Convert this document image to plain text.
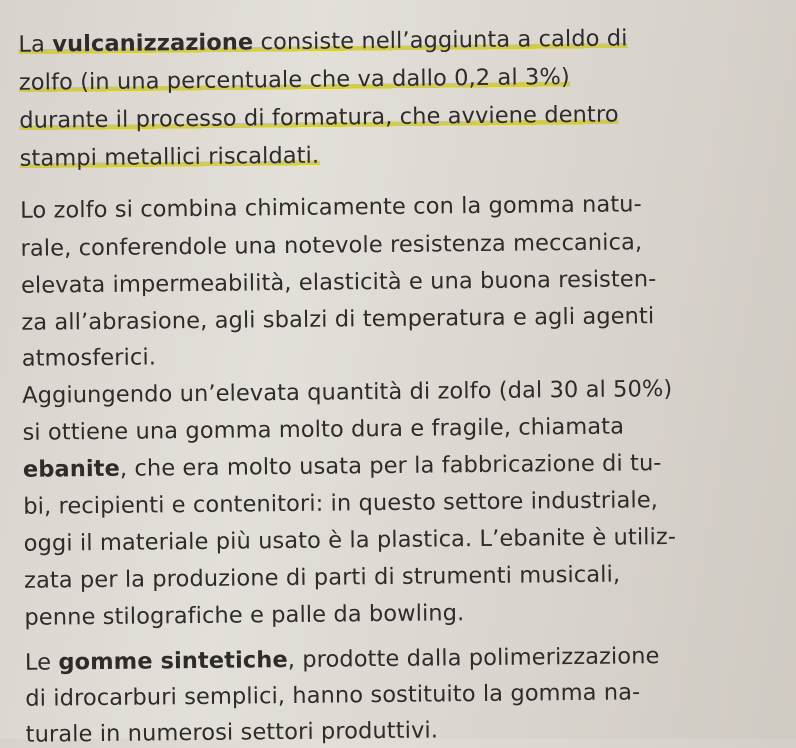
La vulcanizzazione consiste nell’aggiunta a caldo di
zolfo (in una percentuale che va dallo 0,2 al 3%)
durante il processo di formatura, che avviene dentro
stampi metallici riscaldati.
Lo zolfo si combina chimicamente con la gomma natu-
rale, conferendole una notevole resistenza meccanica,
elevata impermeabilità, elasticità e una buona resisten-
za all’abrasione, agli sbalzi di temperatura e agli agenti
atmosferici.
Aggiungendo un’elevata quantità di zolfo (dal 30 al 50%)
si ottiene una gomma molto dura e fragile, chiamata
ebanite, che era molto usata per la fabbricazione di tu-
bi, recipienti e contenitori: in questo settore industriale,
oggi il materiale più usato è la plastica. L’ebanite è utiliz-
zata per la produzione di parti di strumenti musicali,
penne stilografiche e palle da bowling.
Le gomme sintetiche, prodotte dalla polimerizzazione
di idrocarburi semplici, hanno sostituito la gomma na-
turale in numerosi settori produttivi.
